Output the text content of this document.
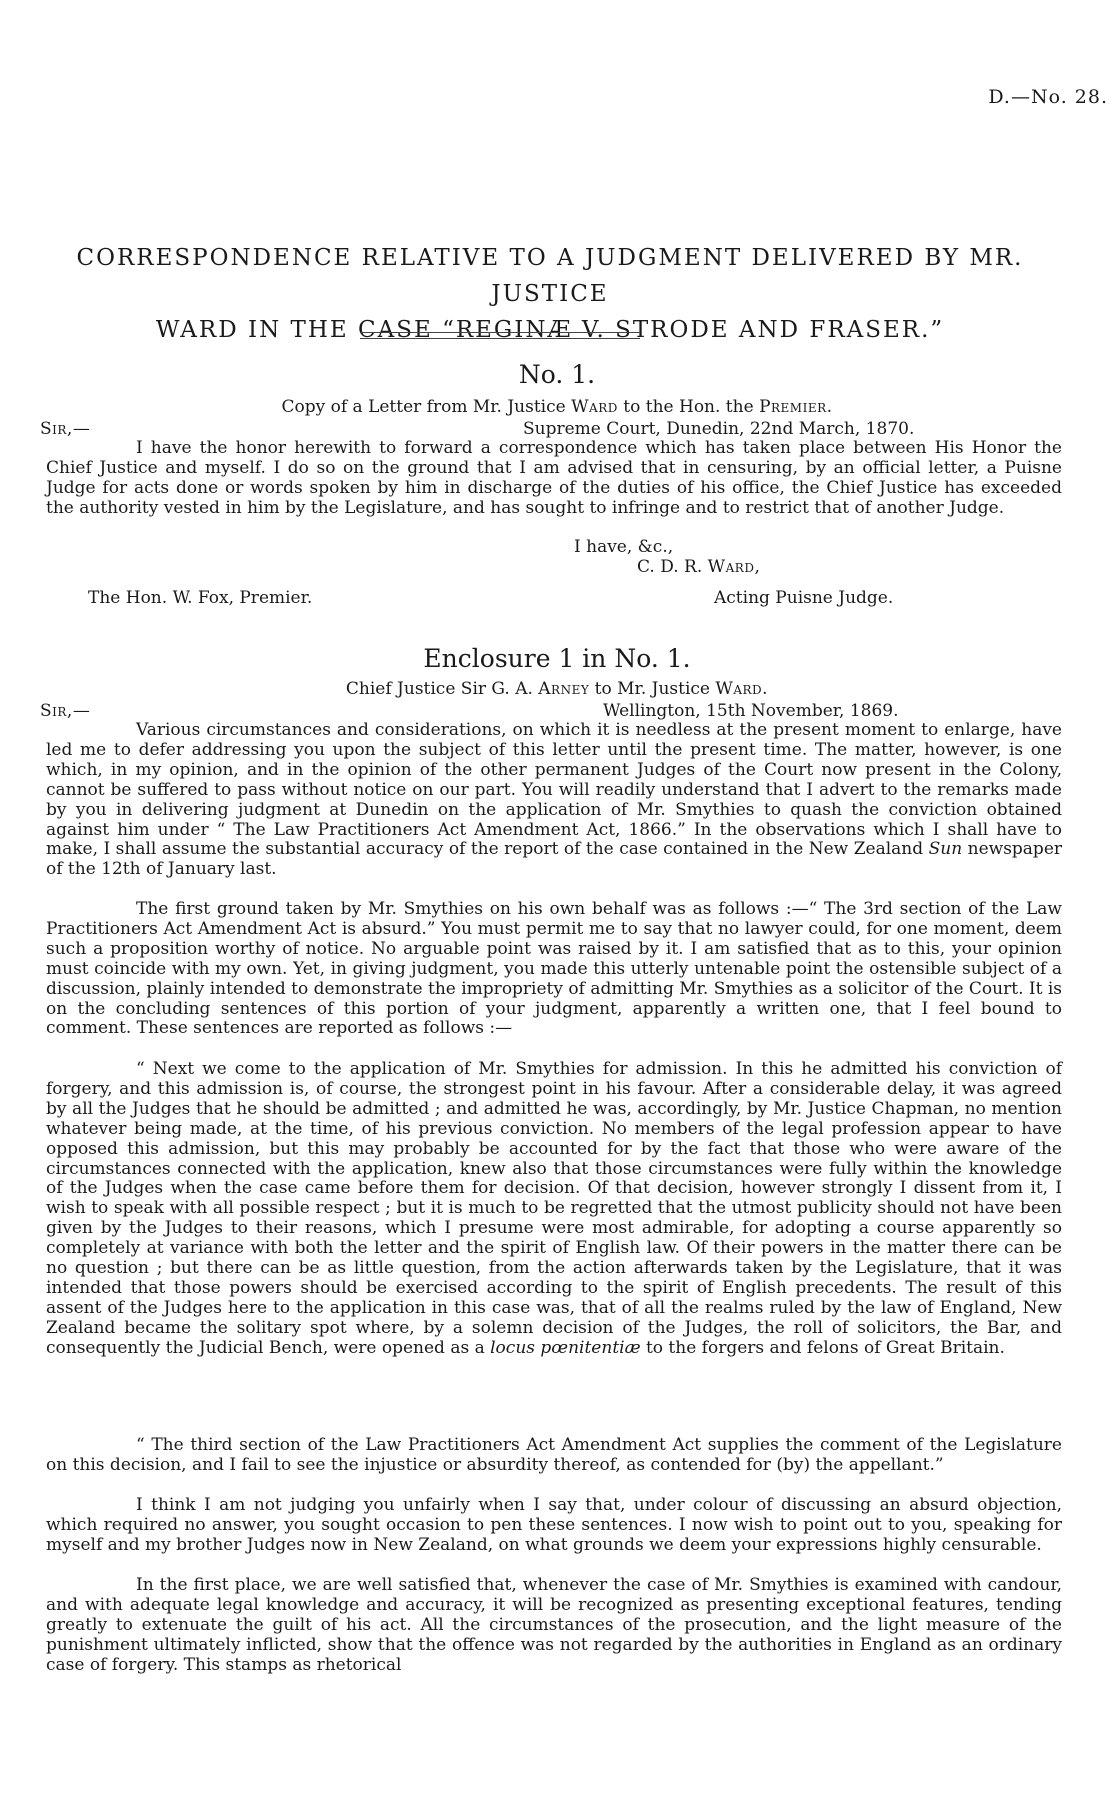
D.—No. 28.
CORRESPONDENCE RELATIVE TO A JUDGMENT DELIVERED BY MR. JUSTICE
WARD IN THE CASE “REGINÆ V. STRODE AND FRASER.”
No. 1.
Copy of a Letter from Mr. Justice Ward to the Hon. the Premier.
Sir,—	Supreme Court, Dunedin, 22nd March, 1870.
I have the honor herewith to forward a correspondence which has taken place between His Honor the Chief Justice and myself. I do so on the ground that I am advised that in censuring, by an official letter, a Puisne Judge for acts done or words spoken by him in discharge of the duties of his office, the Chief Justice has exceeded the authority vested in him by the Legislature, and has sought to infringe and to restrict that of another Judge.
I have, &c.,
C. D. R. Ward,
The Hon. W. Fox, Premier.	Acting Puisne Judge.
Enclosure 1 in No. 1.
Chief Justice Sir G. A. Arney to Mr. Justice Ward.
Sir,—	Wellington, 15th November, 1869.
Various circumstances and considerations, on which it is needless at the present moment to enlarge, have led me to defer addressing you upon the subject of this letter until the present time. The matter, however, is one which, in my opinion, and in the opinion of the other permanent Judges of the Court now present in the Colony, cannot be suffered to pass without notice on our part. You will readily understand that I advert to the remarks made by you in delivering judgment at Dunedin on the application of Mr. Smythies to quash the conviction obtained against him under “ The Law Practitioners Act Amendment Act, 1866.” In the observations which I shall have to make, I shall assume the substantial accuracy of the report of the case contained in the New Zealand Sun newspaper of the 12th of January last.
The first ground taken by Mr. Smythies on his own behalf was as follows :—“ The 3rd section of the Law Practitioners Act Amendment Act is absurd.” You must permit me to say that no lawyer could, for one moment, deem such a proposition worthy of notice. No arguable point was raised by it. I am satisfied that as to this, your opinion must coincide with my own. Yet, in giving judgment, you made this utterly untenable point the ostensible subject of a discussion, plainly intended to demonstrate the impropriety of admitting Mr. Smythies as a solicitor of the Court. It is on the concluding sentences of this portion of your judgment, apparently a written one, that I feel bound to comment. These sentences are reported as follows :—
“ Next we come to the application of Mr. Smythies for admission. In this he admitted his conviction of forgery, and this admission is, of course, the strongest point in his favour. After a considerable delay, it was agreed by all the Judges that he should be admitted ; and admitted he was, accordingly, by Mr. Justice Chapman, no mention whatever being made, at the time, of his previous conviction. No members of the legal profession appear to have opposed this admission, but this may probably be accounted for by the fact that those who were aware of the circumstances connected with the application, knew also that those circumstances were fully within the knowledge of the Judges when the case came before them for decision. Of that decision, however strongly I dissent from it, I wish to speak with all possible respect ; but it is much to be regretted that the utmost publicity should not have been given by the Judges to their reasons, which I presume were most admirable, for adopting a course apparently so completely at variance with both the letter and the spirit of English law. Of their powers in the matter there can be no question ; but there can be as little question, from the action afterwards taken by the Legislature, that it was intended that those powers should be exercised according to the spirit of English precedents. The result of this assent of the Judges here to the application in this case was, that of all the realms ruled by the law of England, New Zealand became the solitary spot where, by a solemn decision of the Judges, the roll of solicitors, the Bar, and consequently the Judicial Bench, were opened as a locus pœnitentiæ to the forgers and felons of Great Britain.
“ The third section of the Law Practitioners Act Amendment Act supplies the comment of the Legislature on this decision, and I fail to see the injustice or absurdity thereof, as contended for (by) the appellant.”
I think I am not judging you unfairly when I say that, under colour of discussing an absurd objection, which required no answer, you sought occasion to pen these sentences. I now wish to point out to you, speaking for myself and my brother Judges now in New Zealand, on what grounds we deem your expressions highly censurable.
In the first place, we are well satisfied that, whenever the case of Mr. Smythies is examined with candour, and with adequate legal knowledge and accuracy, it will be recognized as presenting exceptional features, tending greatly to extenuate the guilt of his act. All the circumstances of the prosecution, and the light measure of the punishment ultimately inflicted, show that the offence was not regarded by the authorities in England as an ordinary case of forgery. This stamps as rhetorical
